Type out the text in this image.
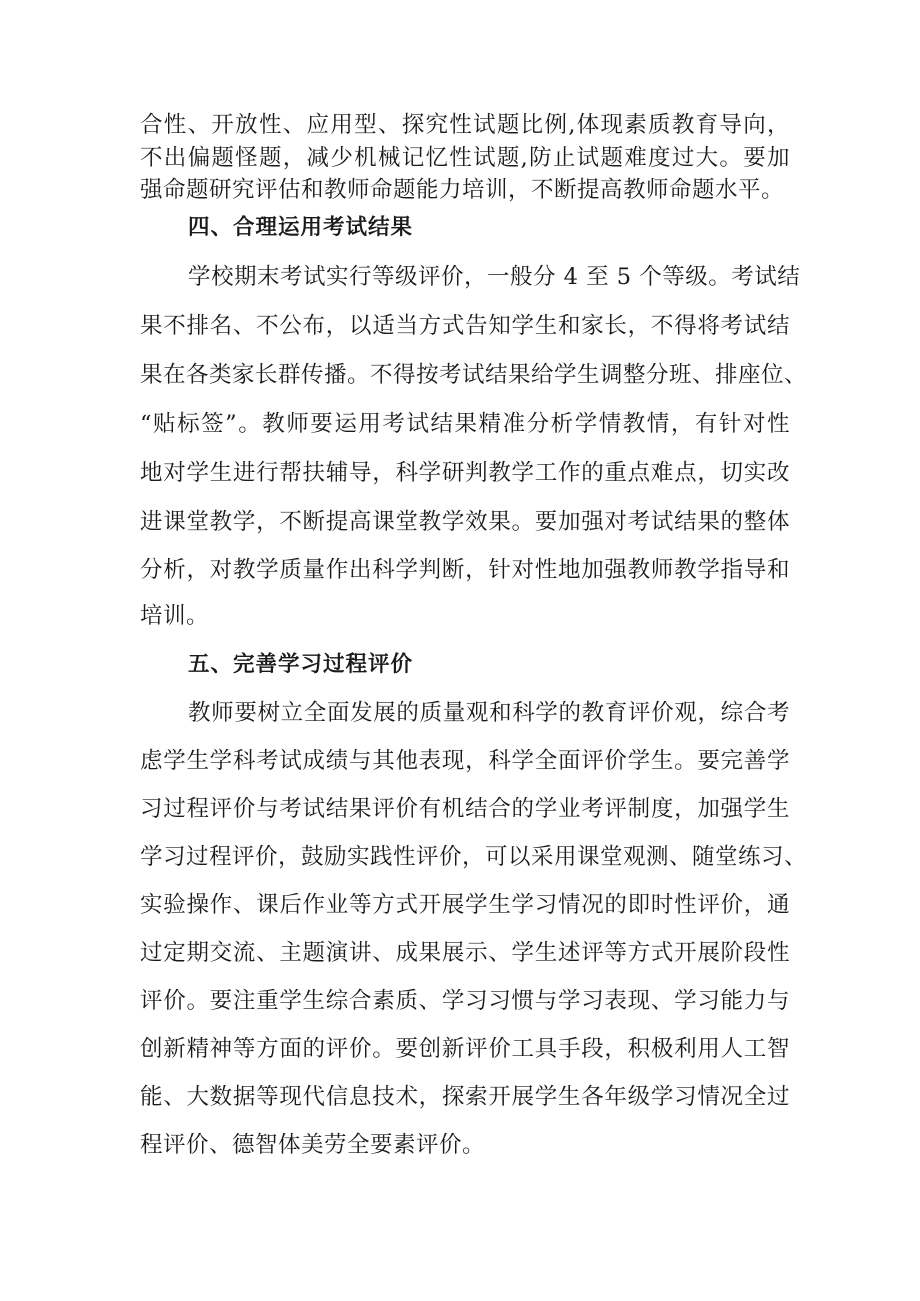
合性、开放性、应用型、探究性试题比例,体现素质教育导向，

不出偏题怪题，减少机械记忆性试题,防止试题难度过大。要加

强命题研究评估和教师命题能力培训，不断提高教师命题水平。

四、合理运用考试结果

学校期末考试实行等级评价，一般分 4 至 5 个等级。考试结

果不排名、不公布，以适当方式告知学生和家长，不得将考试结

果在各类家长群传播。不得按考试结果给学生调整分班、排座位、

“贴标签”。教师要运用考试结果精准分析学情教情，有针对性

地对学生进行帮扶辅导，科学研判教学工作的重点难点，切实改

进课堂教学，不断提高课堂教学效果。要加强对考试结果的整体

分析，对教学质量作出科学判断，针对性地加强教师教学指导和

培训。

五、完善学习过程评价

教师要树立全面发展的质量观和科学的教育评价观，综合考

虑学生学科考试成绩与其他表现，科学全面评价学生。要完善学

习过程评价与考试结果评价有机结合的学业考评制度，加强学生

学习过程评价，鼓励实践性评价，可以采用课堂观测、随堂练习、

实验操作、课后作业等方式开展学生学习情况的即时性评价，通

过定期交流、主题演讲、成果展示、学生述评等方式开展阶段性

评价。要注重学生综合素质、学习习惯与学习表现、学习能力与

创新精神等方面的评价。要创新评价工具手段，积极利用人工智

能、大数据等现代信息技术，探索开展学生各年级学习情况全过

程评价、德智体美劳全要素评价。
